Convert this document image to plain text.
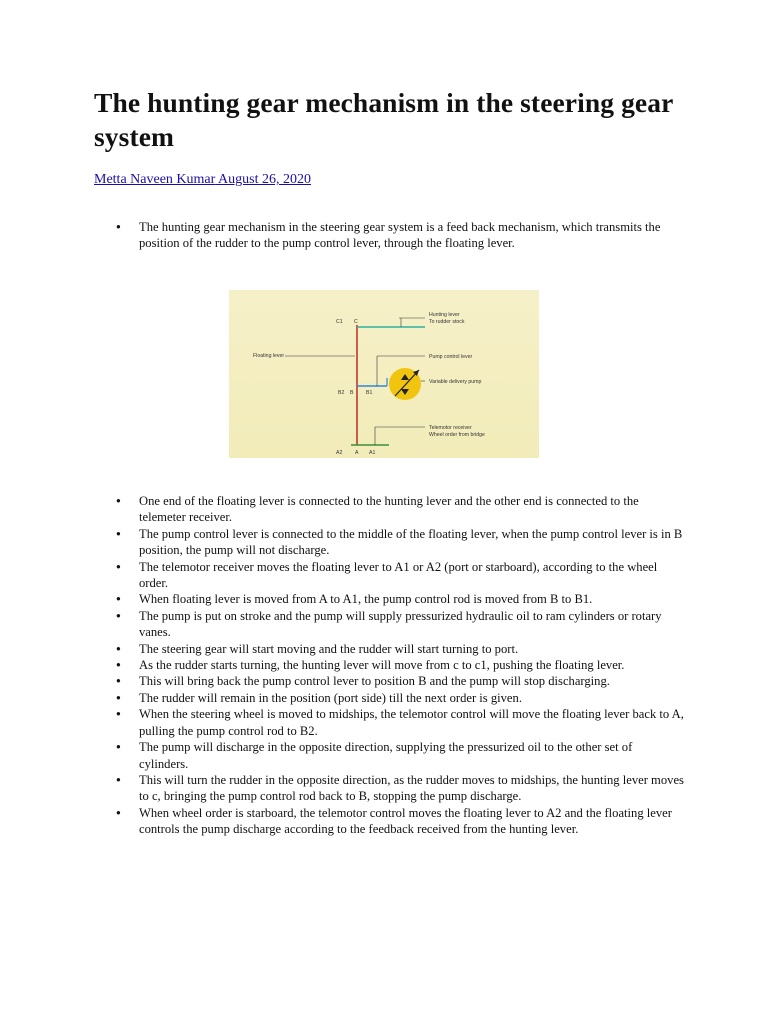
The hunting gear mechanism in the steering gear system
Metta Naveen Kumar August 26, 2020
● The hunting gear mechanism in the steering gear system is a feed back mechanism, which transmits the position of the rudder to the pump control lever, through the floating lever.
C1 C
Hunting lever
To rudder stock
Floating lever	Pump control lever
Variable delivery pump
B2 B B1
Telemotor receiver
Wheel order from bridge
A2 A A1
● One end of the floating lever is connected to the hunting lever and the other end is connected to the telemeter receiver.
● The pump control lever is connected to the middle of the floating lever, when the pump control lever is in B position, the pump will not discharge.
● The telemotor receiver moves the floating lever to A1 or A2 (port or starboard), according to the wheel order.
● When floating lever is moved from A to A1, the pump control rod is moved from B to B1.
● The pump is put on stroke and the pump will supply pressurized hydraulic oil to ram cylinders or rotary vanes.
● The steering gear will start moving and the rudder will start turning to port.
● As the rudder starts turning, the hunting lever will move from c to c1, pushing the floating lever.
● This will bring back the pump control lever to position B and the pump will stop discharging.
● The rudder will remain in the position (port side) till the next order is given.
● When the steering wheel is moved to midships, the telemotor control will move the floating lever back to A, pulling the pump control rod to B2.
● The pump will discharge in the opposite direction, supplying the pressurized oil to the other set of cylinders.
● This will turn the rudder in the opposite direction, as the rudder moves to midships, the hunting lever moves to c, bringing the pump control rod back to B, stopping the pump discharge.
● When wheel order is starboard, the telemotor control moves the floating lever to A2 and the floating lever controls the pump discharge according to the feedback received from the hunting lever.
